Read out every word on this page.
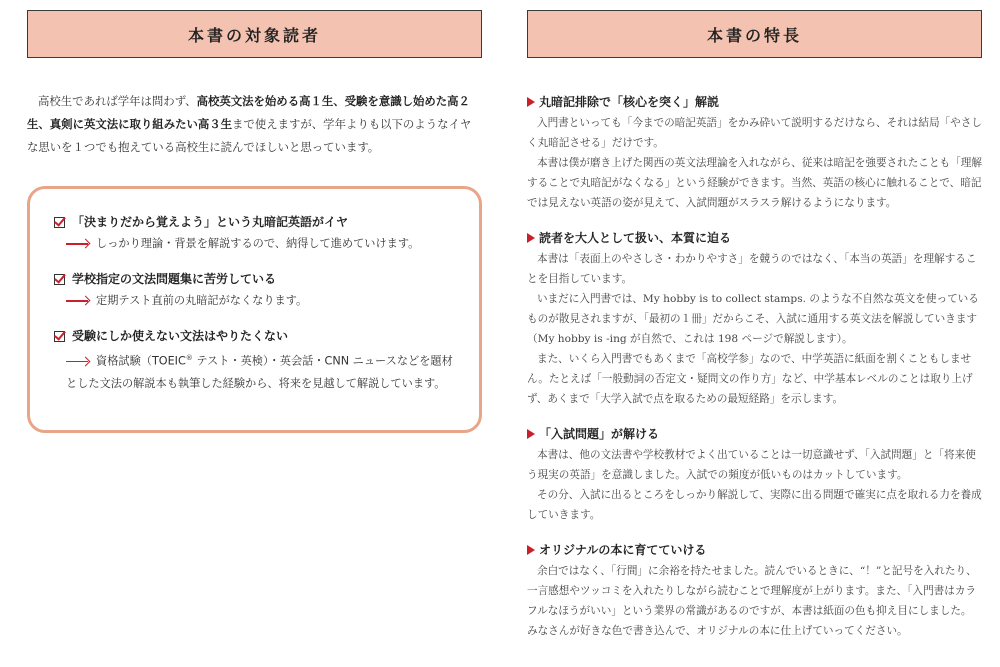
本書の対象読者
高校生であれば学年は問わず、高校英文法を始める高１生、受験を意識し始めた高２生、真剣に英文法に取り組みたい高３生まで使えますが、学年よりも以下のようなイヤな思いを１つでも抱えている高校生に読んでほしいと思っています。
「決まりだから覚えよう」という丸暗記英語がイヤ
しっかり理論・背景を解説するので、納得して進めていけます。
学校指定の文法問題集に苦労している
定期テスト直前の丸暗記がなくなります。
受験にしか使えない文法はやりたくない
資格試験（TOEIC® テスト・英検）・英会話・CNN ニュースなどを題材とした文法の解説本も執筆した経験から、将来を見越して解説しています。
本書の特長
丸暗記排除で「核心を突く」解説

入門書といっても「今までの暗記英語」をかみ砕いて説明するだけなら、それは結局「やさしく丸暗記させる」だけです。

本書は僕が磨き上げた関西の英文法理論を入れながら、従来は暗記を強要されたことも「理解することで丸暗記がなくなる」という経験ができます。当然、英語の核心に触れることで、暗記では見えない英語の姿が見えて、入試問題がスラスラ解けるようになります。

読者を大人として扱い、本質に迫る

本書は「表面上のやさしさ・わかりやすさ」を競うのではなく、「本当の英語」を理解することを目指しています。

いまだに入門書では、My hobby is to collect stamps. のような不自然な英文を使っているものが散見されますが、「最初の１冊」だからこそ、入試に通用する英文法を解説していきます（My hobby is -ing が自然で、これは 198 ページで解説します）。

また、いくら入門書でもあくまで「高校学参」なので、中学英語に紙面を割くこともしません。たとえば「一般動詞の否定文・疑問文の作り方」など、中学基本レベルのことは取り上げず、あくまで「大学入試で点を取るための最短経路」を示します。

「入試問題」が解ける

本書は、他の文法書や学校教材でよく出ていることは一切意識せず、「入試問題」と「将来使う現実の英語」を意識しました。入試での頻度が低いものはカットしています。

その分、入試に出るところをしっかり解説して、実際に出る問題で確実に点を取れる力を養成していきます。

オリジナルの本に育てていける

余白ではなく、「行間」に余裕を持たせました。読んでいるときに、“！”と記号を入れたり、一言感想やツッコミを入れたりしながら読むことで理解度が上がります。また、「入門書はカラフルなほうがいい」という業界の常識があるのですが、本書は紙面の色も抑え目にしました。みなさんが好きな色で書き込んで、オリジナルの本に仕上げていってください。
